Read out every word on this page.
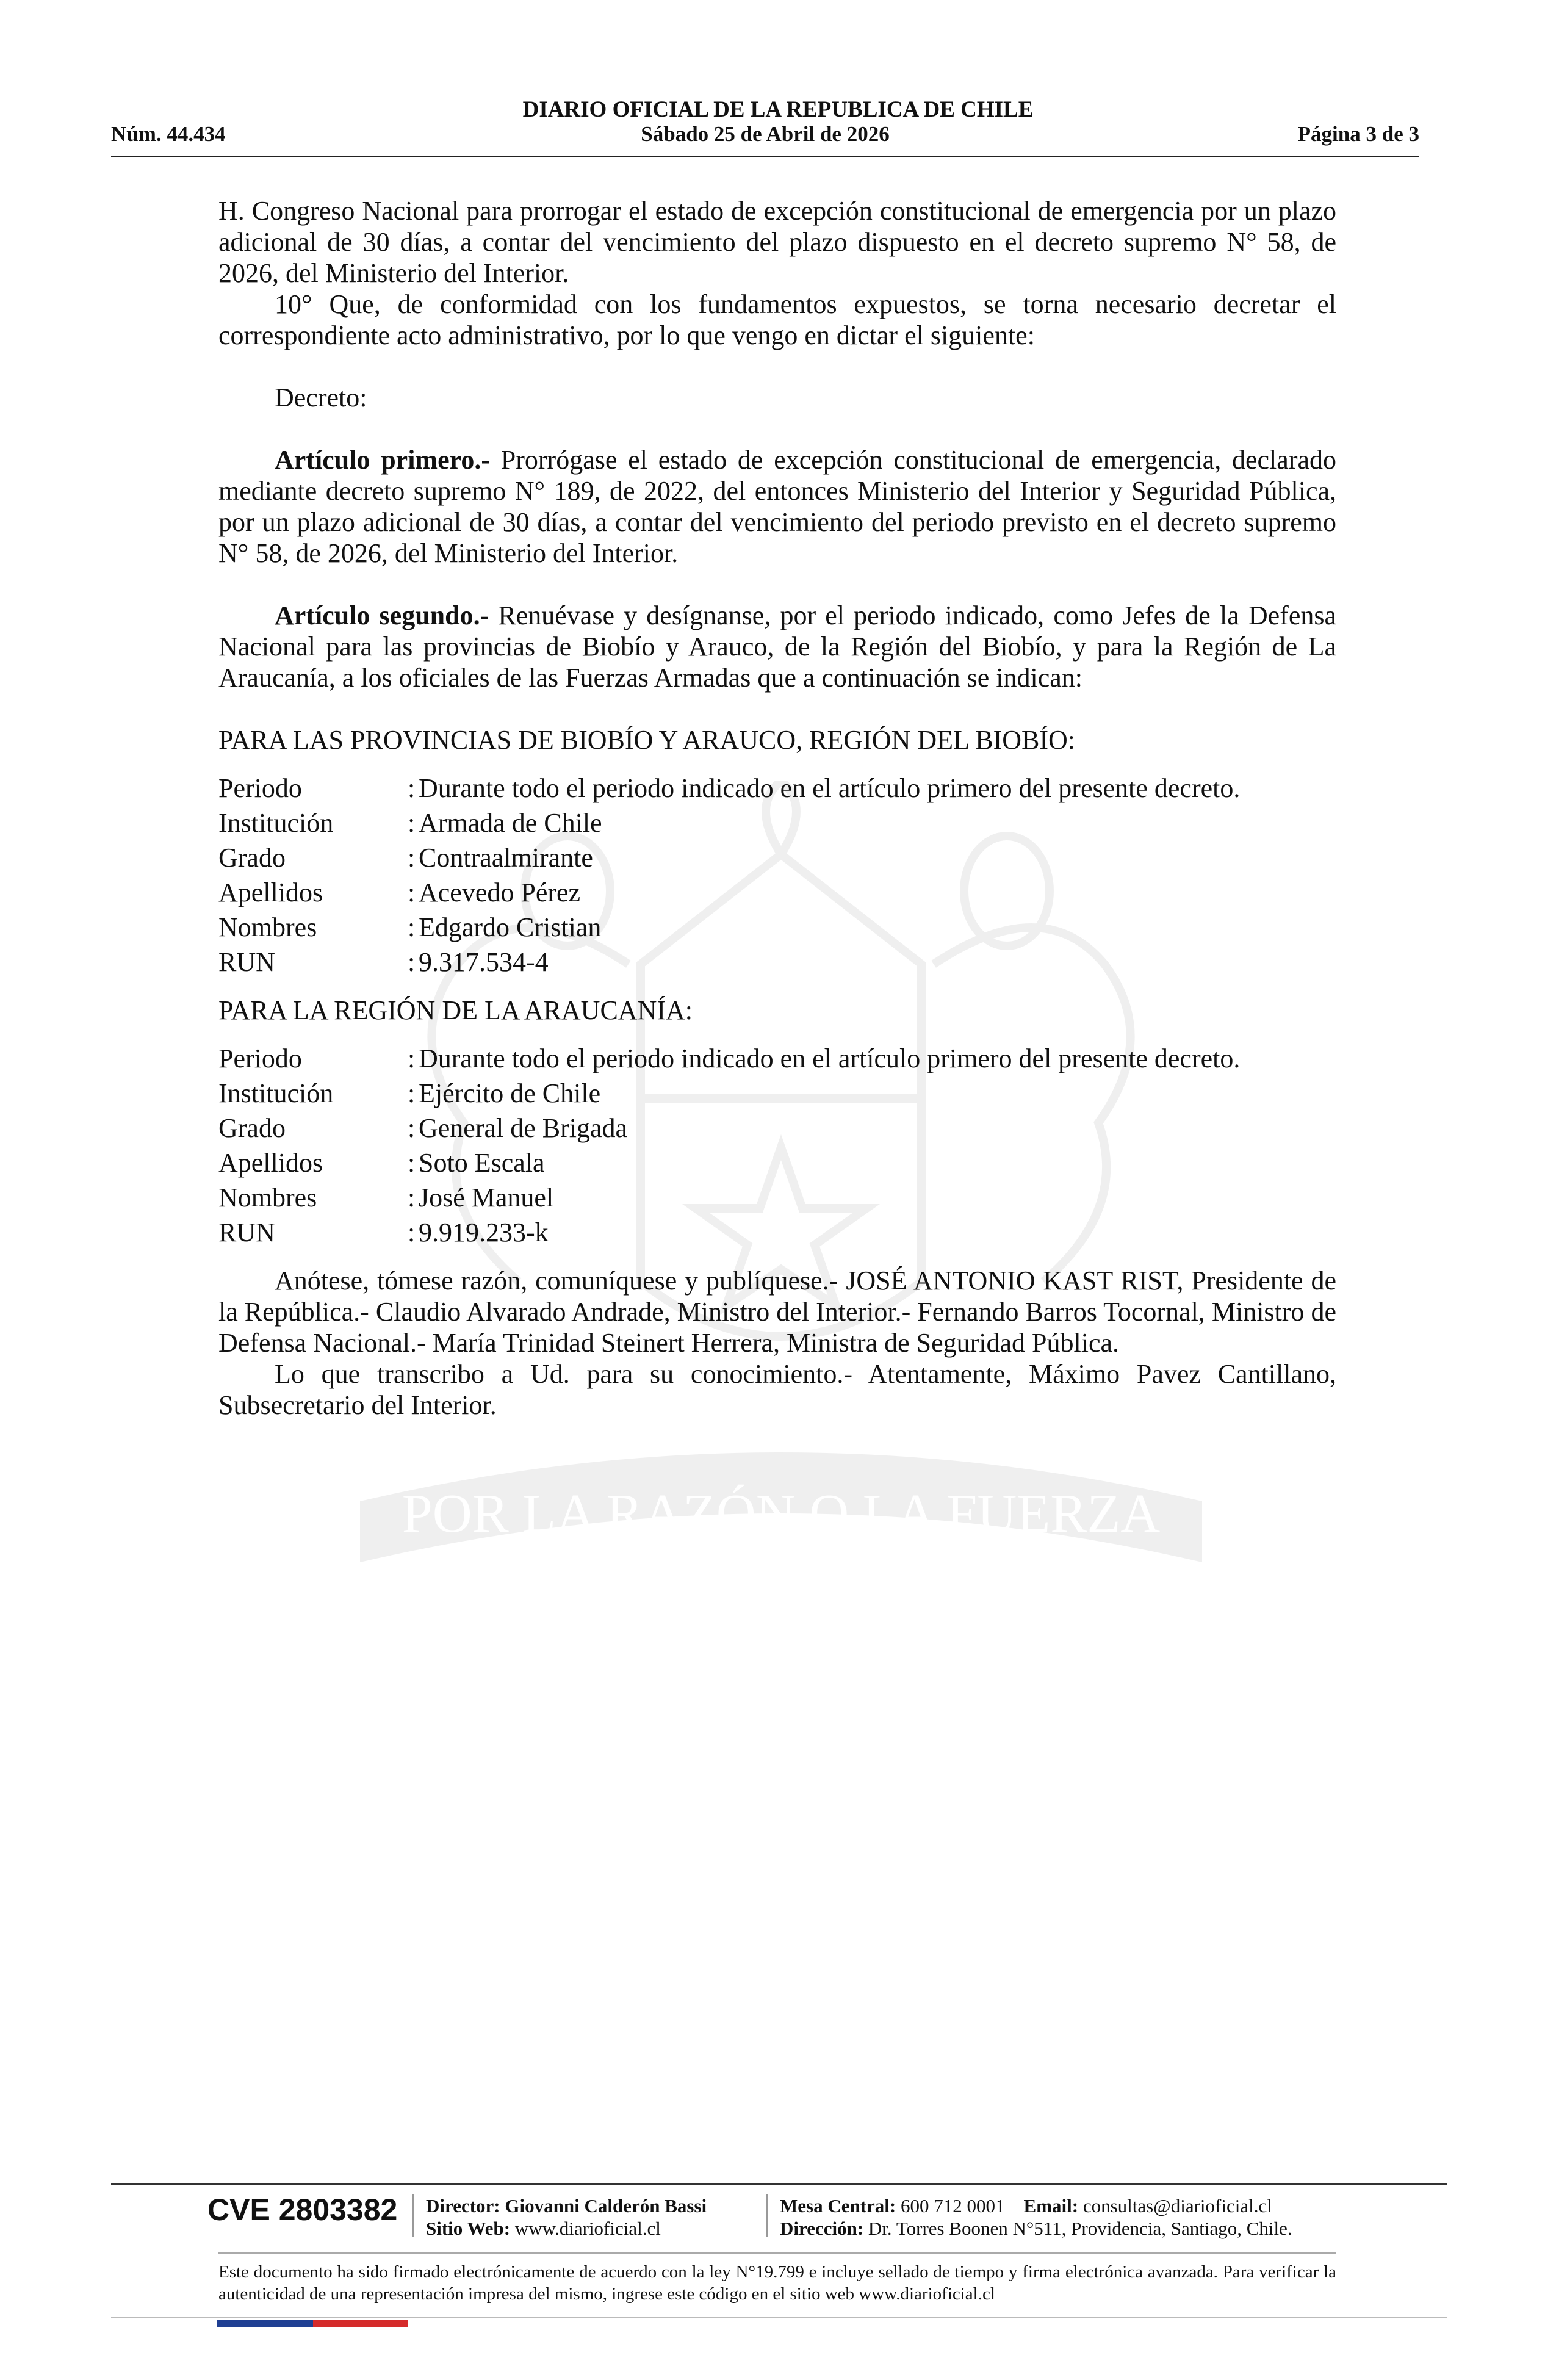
DIARIO OFICIAL DE LA REPUBLICA DE CHILE
Núm. 44.434	Sábado 25 de Abril de 2026	Página 3 de 3
POR LA RAZÓN O LA FUERZA

H. Congreso Nacional para prorrogar el estado de excepción constitucional de emergencia por un plazo adicional de 30 días, a contar del vencimiento del plazo dispuesto en el decreto supremo N° 58, de 2026, del Ministerio del Interior.

10° Que, de conformidad con los fundamentos expuestos, se torna necesario decretar el correspondiente acto administrativo, por lo que vengo en dictar el siguiente:

Decreto:

Artículo primero.- Prorrógase el estado de excepción constitucional de emergencia, declarado mediante decreto supremo N° 189, de 2022, del entonces Ministerio del Interior y Seguridad Pública, por un plazo adicional de 30 días, a contar del vencimiento del periodo previsto en el decreto supremo N° 58, de 2026, del Ministerio del Interior.

Artículo segundo.- Renuévase y desígnanse, por el periodo indicado, como Jefes de la Defensa Nacional para las provincias de Biobío y Arauco, de la Región del Biobío, y para la Región de La Araucanía, a los oficiales de las Fuerzas Armadas que a continuación se indican:

PARA LAS PROVINCIAS DE BIOBÍO Y ARAUCO, REGIÓN DEL BIOBÍO:

Periodo	: Durante todo el periodo indicado en el artículo primero del presente decreto.
Institución	: Armada de Chile
Grado	: Contraalmirante
Apellidos	: Acevedo Pérez
Nombres	: Edgardo Cristian
RUN	: 9.317.534-4

PARA LA REGIÓN DE LA ARAUCANÍA:

Periodo	: Durante todo el periodo indicado en el artículo primero del presente decreto.
Institución	: Ejército de Chile
Grado	: General de Brigada
Apellidos	: Soto Escala
Nombres	: José Manuel
RUN	: 9.919.233-k

Anótese, tómese razón, comuníquese y publíquese.- JOSÉ ANTONIO KAST RIST, Presidente de la República.- Claudio Alvarado Andrade, Ministro del Interior.- Fernando Barros Tocornal, Ministro de Defensa Nacional.- María Trinidad Steinert Herrera, Ministra de Seguridad Pública.

Lo que transcribo a Ud. para su conocimiento.- Atentamente, Máximo Pavez Cantillano, Subsecretario del Interior.

CVE 2803382 Director: Giovanni Calderón Bassi
Sitio Web: www.diarioficial.cl
Mesa Central: 600 712 0001 Email: consultas@diarioficial.cl
Dirección: Dr. Torres Boonen N°511, Providencia, Santiago, Chile.
Este documento ha sido firmado electrónicamente de acuerdo con la ley N°19.799 e incluye sellado de tiempo y firma electrónica avanzada. Para verificar la autenticidad de una representación impresa del mismo, ingrese este código en el sitio web www.diarioficial.cl
